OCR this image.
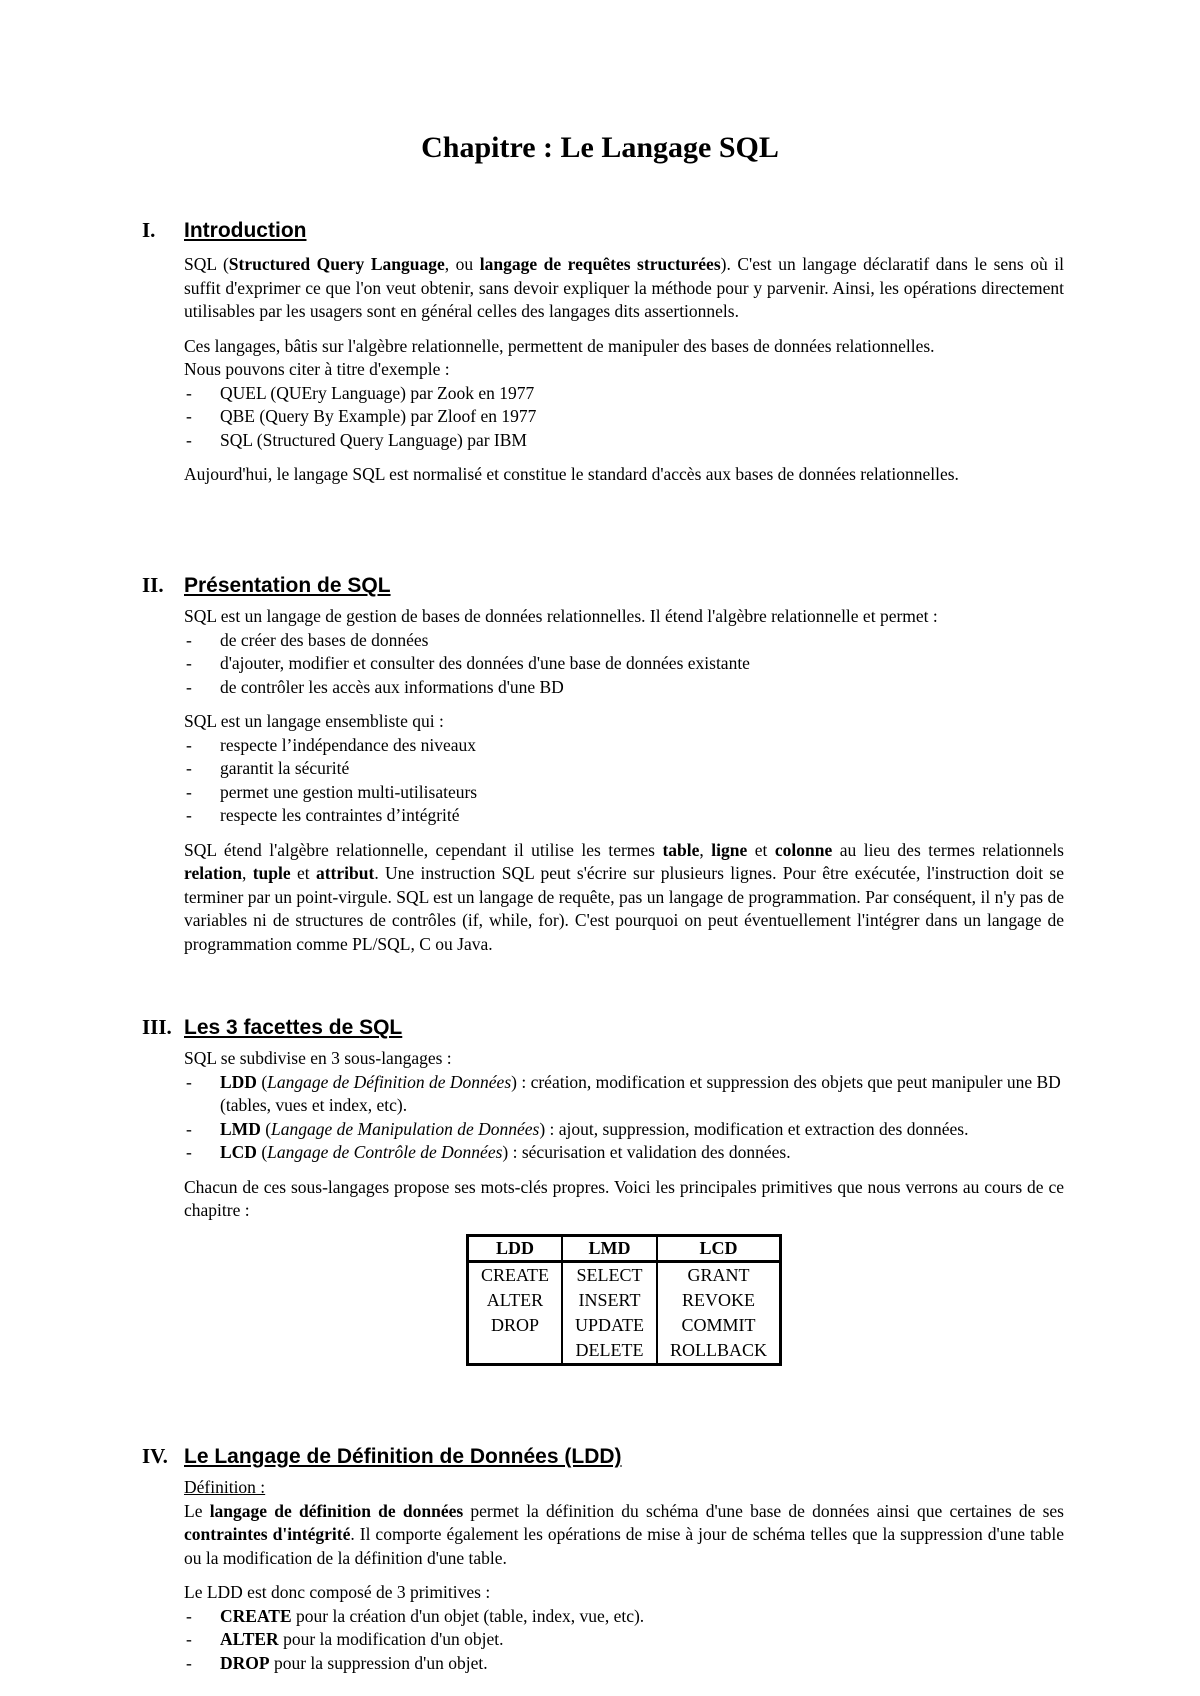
Chapitre : Le Langage SQL
I. Introduction

SQL (Structured Query Language, ou langage de requêtes structurées). C'est un langage déclaratif dans le sens où il suffit d'exprimer ce que l'on veut obtenir, sans devoir expliquer la méthode pour y parvenir. Ainsi, les opérations directement utilisables par les usagers sont en général celles des langages dits assertionnels.

Ces langages, bâtis sur l'algèbre relationnelle, permettent de manipuler des bases de données relationnelles.

Nous pouvons citer à titre d'exemple :

- QUEL (QUEry Language) par Zook en 1977
- QBE (Query By Example) par Zloof en 1977
- SQL (Structured Query Language) par IBM

Aujourd'hui, le langage SQL est normalisé et constitue le standard d'accès aux bases de données relationnelles.

II. Présentation de SQL

SQL est un langage de gestion de bases de données relationnelles. Il étend l'algèbre relationnelle et permet :

- de créer des bases de données
- d'ajouter, modifier et consulter des données d'une base de données existante
- de contrôler les accès aux informations d'une BD

SQL est un langage ensembliste qui :

- respecte l’indépendance des niveaux
- garantit la sécurité
- permet une gestion multi-utilisateurs
- respecte les contraintes d’intégrité

SQL étend l'algèbre relationnelle, cependant il utilise les termes table, ligne et colonne au lieu des termes relationnels relation, tuple et attribut. Une instruction SQL peut s'écrire sur plusieurs lignes. Pour être exécutée, l'instruction doit se terminer par un point-virgule. SQL est un langage de requête, pas un langage de programmation. Par conséquent, il n'y pas de variables ni de structures de contrôles (if, while, for). C'est pourquoi on peut éventuellement l'intégrer dans un langage de programmation comme PL/SQL, C ou Java.

III. Les 3 facettes de SQL

SQL se subdivise en 3 sous-langages :

- LDD (Langage de Définition de Données) : création, modification et suppression des objets que peut manipuler une BD (tables, vues et index, etc).
- LMD (Langage de Manipulation de Données) : ajout, suppression, modification et extraction des données.
- LCD (Langage de Contrôle de Données) : sécurisation et validation des données.

Chacun de ces sous-langages propose ses mots-clés propres. Voici les principales primitives que nous verrons au cours de ce chapitre :

LDD	LMD	LCD
CREATE	SELECT	GRANT
ALTER	INSERT	REVOKE
DROP	UPDATE	COMMIT
	DELETE	ROLLBACK
IV. Le Langage de Définition de Données (LDD)

Définition :

Le langage de définition de données permet la définition du schéma d'une base de données ainsi que certaines de ses contraintes d'intégrité. Il comporte également les opérations de mise à jour de schéma telles que la suppression d'une table ou la modification de la définition d'une table.

Le LDD est donc composé de 3 primitives :

- CREATE pour la création d'un objet (table, index, vue, etc).
- ALTER pour la modification d'un objet.
- DROP pour la suppression d'un objet.
